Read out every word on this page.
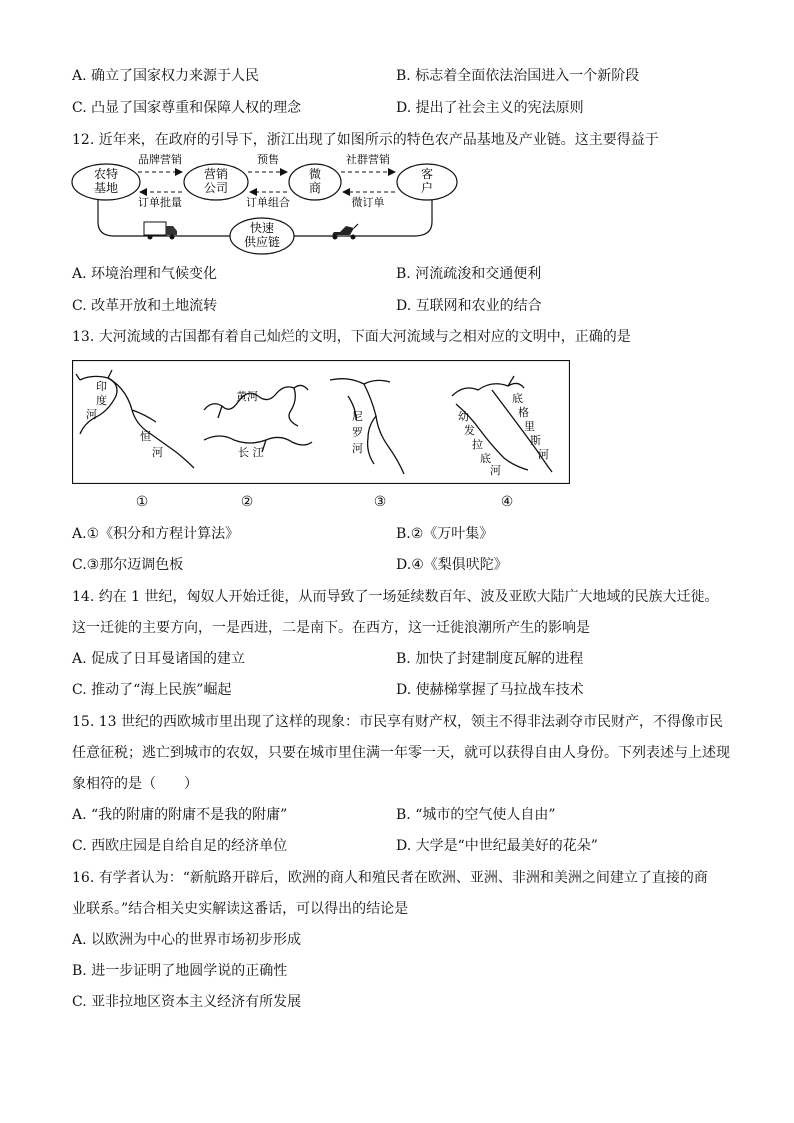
A. 确立了国家权力来源于人民	B. 标志着全面依法治国进入一个新阶段
C. 凸显了国家尊重和保障人权的理念	D. 提出了社会主义的宪法原则
12. 近年来，在政府的引导下，浙江出现了如图所示的特色农产品基地及产业链。这主要得益于
农特
基地
营销
公司
微
商
客
户
快速
供应链
品牌营销	预售	社群营销
订单批量	订单组合	微订单
A. 环境治理和气候变化	B. 河流疏浚和交通便利
C. 改革开放和土地流转	D. 互联网和农业的结合
13. 大河流域的古国都有着自己灿烂的文明，下面大河流域与之相对应的文明中，正确的是
印
度
河
恒
河
黄河
长 江
尼
罗
河
幼
发
拉
底
河
底
格
里
斯
河
①	②	③	④
A.①《积分和方程计算法》	B.②《万叶集》
C.③那尔迈调色板	D.④《梨俱吠陀》
14. 约在 1 世纪，匈奴人开始迁徙，从而导致了一场延续数百年、波及亚欧大陆广大地域的民族大迁徙。
这一迁徙的主要方向，一是西进，二是南下。在西方，这一迁徙浪潮所产生的影响是
A. 促成了日耳曼诸国的建立	B. 加快了封建制度瓦解的进程
C. 推动了“海上民族”崛起	D. 使赫梯掌握了马拉战车技术
15. 13 世纪的西欧城市里出现了这样的现象：市民享有财产权，领主不得非法剥夺市民财产，不得像市民
任意征税；逃亡到城市的农奴，只要在城市里住满一年零一天，就可以获得自由人身份。下列表述与上述现
象相符的是（　　）
A. “我的附庸的附庸不是我的附庸”	B. “城市的空气使人自由”
C. 西欧庄园是自给自足的经济单位	D. 大学是“中世纪最美好的花朵”
16. 有学者认为：“新航路开辟后，欧洲的商人和殖民者在欧洲、亚洲、非洲和美洲之间建立了直接的商
业联系。”结合相关史实解读这番话，可以得出的结论是
A. 以欧洲为中心的世界市场初步形成
B. 进一步证明了地圆学说的正确性
C. 亚非拉地区资本主义经济有所发展
